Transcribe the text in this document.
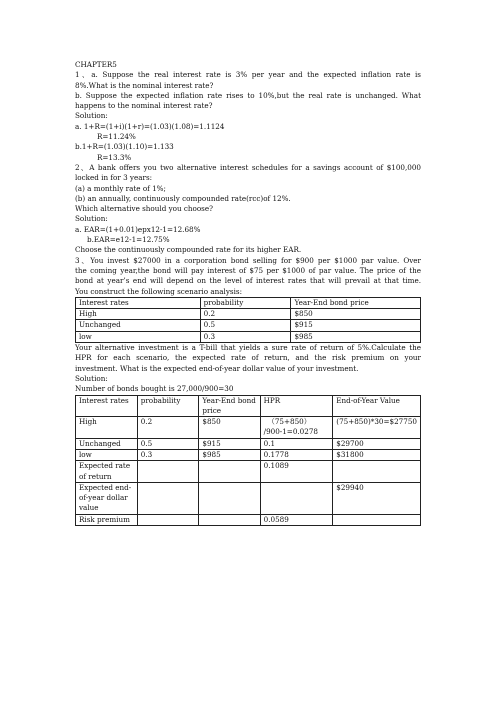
CHAPTER5
1、a. Suppose the real interest rate is 3% per year and the expected inflation rate is
8%.What is the nominal interest rate?
b. Suppose the expected inflation rate rises to 10%,but the real rate is unchanged. What
happens to the nominal interest rate?
Solution:
a. 1+R=(1+i)(1+r)=(1.03)(1.08)=1.1124
R=11.24%
b.1+R=(1.03)(1.10)=1.133
R=13.3%
2、A bank offers you two alternative interest schedules for a savings account of $100,000
locked in for 3 years:
(a) a monthly rate of 1%;
(b) an annually, continuously compounded rate(rcc)of 12%.
Which alternative should you choose?
Solution:
a. EAR=(1+0.01)epx12-1=12.68%
b.EAR=e12-1=12.75%
Choose the continuously compounded rate for its higher EAR.
3、You invest $27000 in a corporation bond selling for $900 per $1000 par value. Over
the coming year,the bond will pay interest of $75 per $1000 of par value. The price of the
bond at year’s end will depend on the level of interest rates that will prevail at that time.
You construct the following scenario analysis:
Interest rates	probability	Year-End bond price
High	0.2	$850
Unchanged	0.5	$915
low	0.3	$985
Your alternative investment is a T-bill that yields a sure rate of return of 5%.Calculate the
HPR for each scenario, the expected rate of return, and the risk premium on your
investment. What is the expected end-of-year dollar value of your investment.
Solution:
Number of bonds bought is 27,000/900=30
Interest rates	probability	Year-End bond price	HPR	End-of-Year Value
High	0.2	$850	（75+850）
/900-1=0.0278	(75+850)*30=$27750
Unchanged	0.5	$915	0.1	$29700
low	0.3	$985	0.1778	$31800
Expected rate of return			0.1089	
Expected end-of-year dollar value				$29940
Risk premium			0.0589	
